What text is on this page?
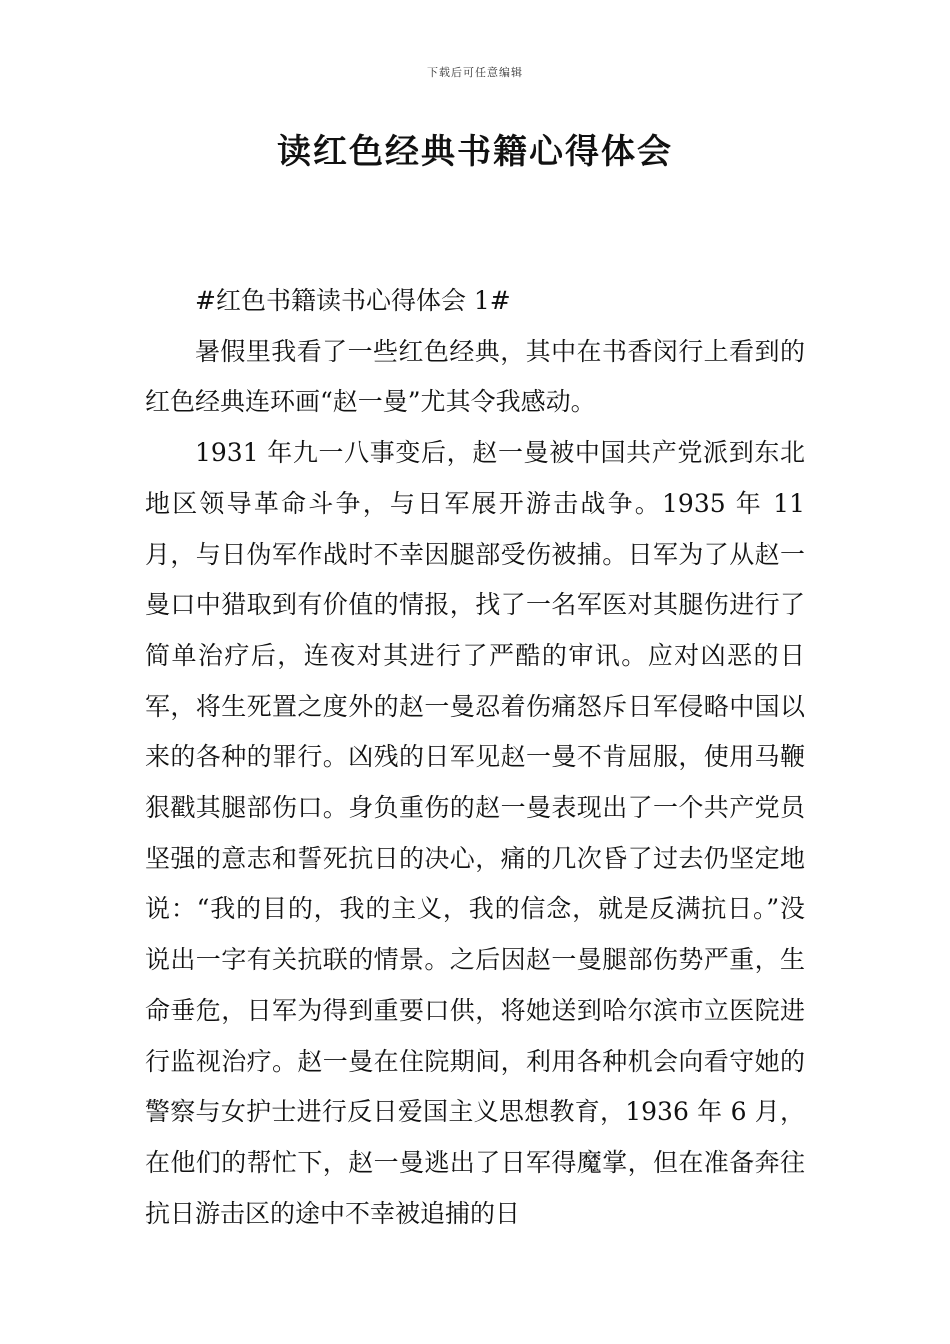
下载后可任意编辑
读红色经典书籍心得体会

#红色书籍读书心得体会 1#

暑假里我看了一些红色经典，其中在书香闵行上看到的红色经典连环画“赵一曼”尤其令我感动。

1931 年九一八事变后，赵一曼被中国共产党派到东北地区领导革命斗争，与日军展开游击战争。1935 年 11 月，与日伪军作战时不幸因腿部受伤被捕。日军为了从赵一曼口中猎取到有价值的情报，找了一名军医对其腿伤进行了简单治疗后，连夜对其进行了严酷的审讯。应对凶恶的日军，将生死置之度外的赵一曼忍着伤痛怒斥日军侵略中国以来的各种的罪行。凶残的日军见赵一曼不肯屈服，使用马鞭狠戳其腿部伤口。身负重伤的赵一曼表现出了一个共产党员坚强的意志和誓死抗日的决心，痛的几次昏了过去仍坚定地说：“我的目的，我的主义，我的信念，就是反满抗日。”没说出一字有关抗联的情景。之后因赵一曼腿部伤势严重，生命垂危，日军为得到重要口供，将她送到哈尔滨市立医院进行监视治疗。赵一曼在住院期间，利用各种机会向看守她的警察与女护士进行反日爱国主义思想教育，1936 年 6 月，在他们的帮忙下，赵一曼逃出了日军得魔掌，但在准备奔往抗日游击区的途中不幸被追捕的日
